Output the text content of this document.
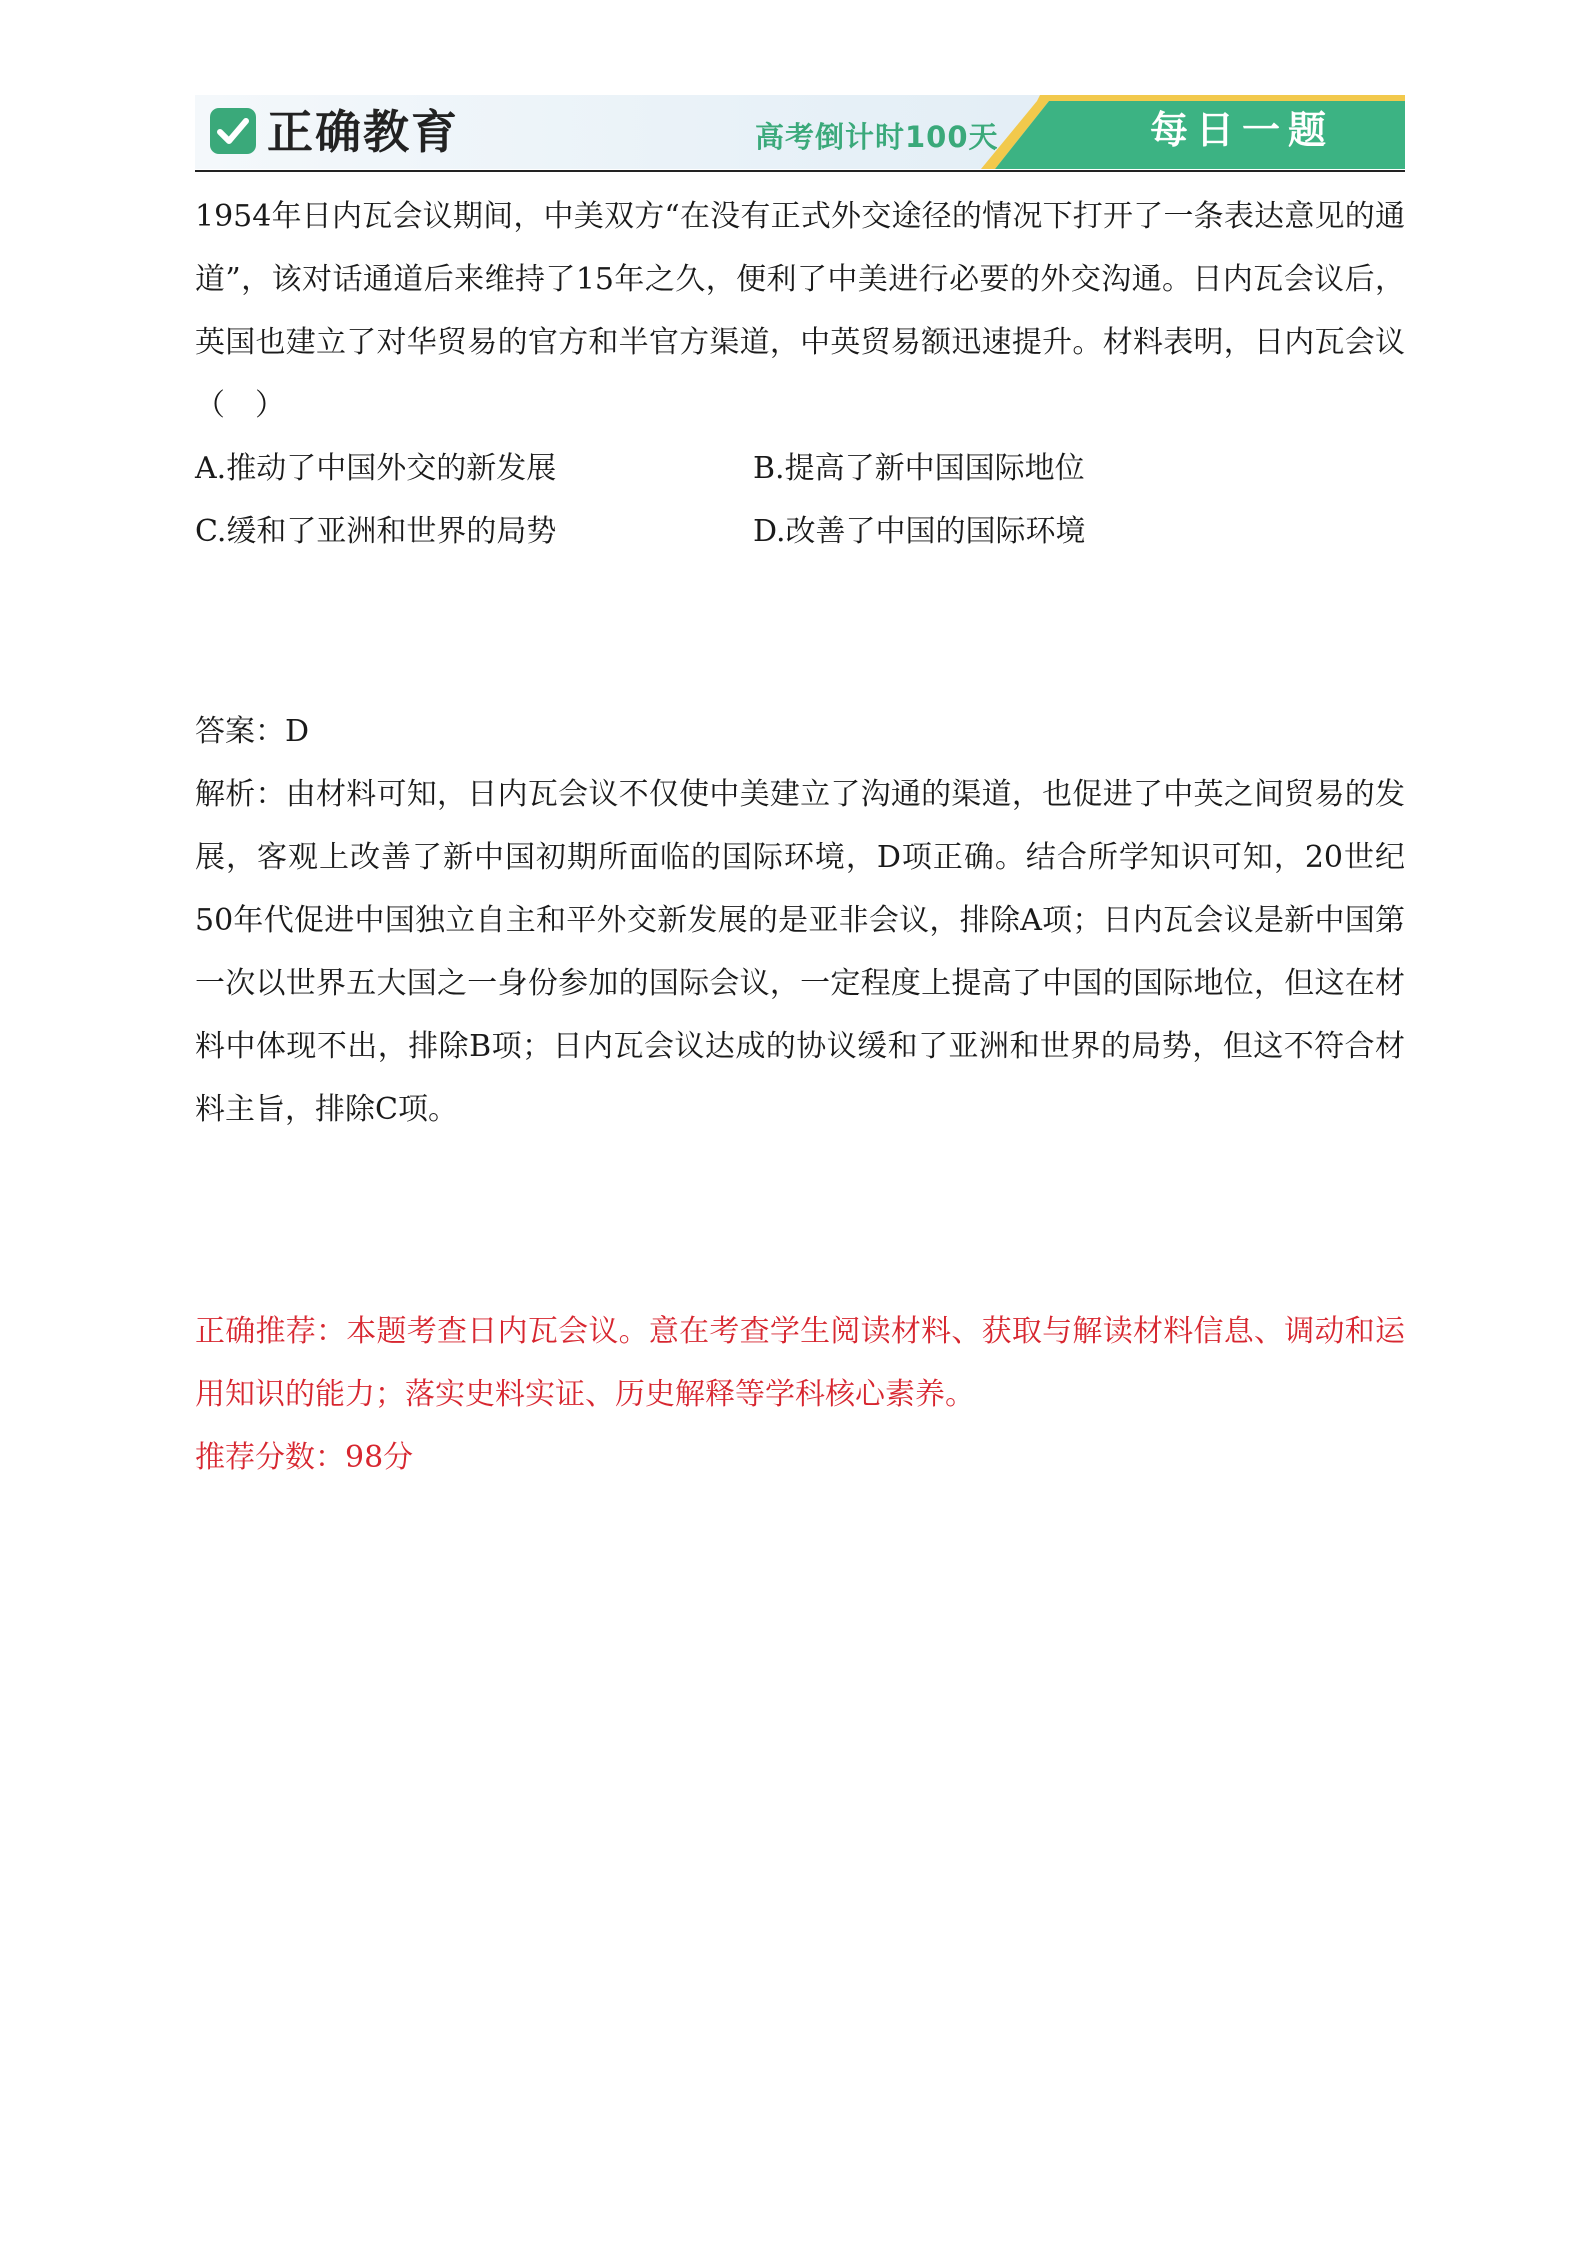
正确教育	高考倒计时100天	每日一题

1954年日内瓦会议期间，中美双方“在没有正式外交途径的情况下打开了一条表达意见的通道”，该对话通道后来维持了15年之久，便利了中美进行必要的外交沟通。日内瓦会议后，英国也建立了对华贸易的官方和半官方渠道，中英贸易额迅速提升。材料表明，日内瓦会议（　）

A.推动了中国外交的新发展	B.提高了新中国国际地位
C.缓和了亚洲和世界的局势	D.改善了中国的国际环境

答案：D

解析：由材料可知，日内瓦会议不仅使中美建立了沟通的渠道，也促进了中英之间贸易的发展，客观上改善了新中国初期所面临的国际环境，D项正确。结合所学知识可知，20世纪50年代促进中国独立自主和平外交新发展的是亚非会议，排除A项；日内瓦会议是新中国第一次以世界五大国之一身份参加的国际会议，一定程度上提高了中国的国际地位，但这在材料中体现不出，排除B项；日内瓦会议达成的协议缓和了亚洲和世界的局势，但这不符合材料主旨，排除C项。

正确推荐：本题考查日内瓦会议。意在考查学生阅读材料、获取与解读材料信息、调动和运用知识的能力；落实史料实证、历史解释等学科核心素养。

推荐分数：98分
